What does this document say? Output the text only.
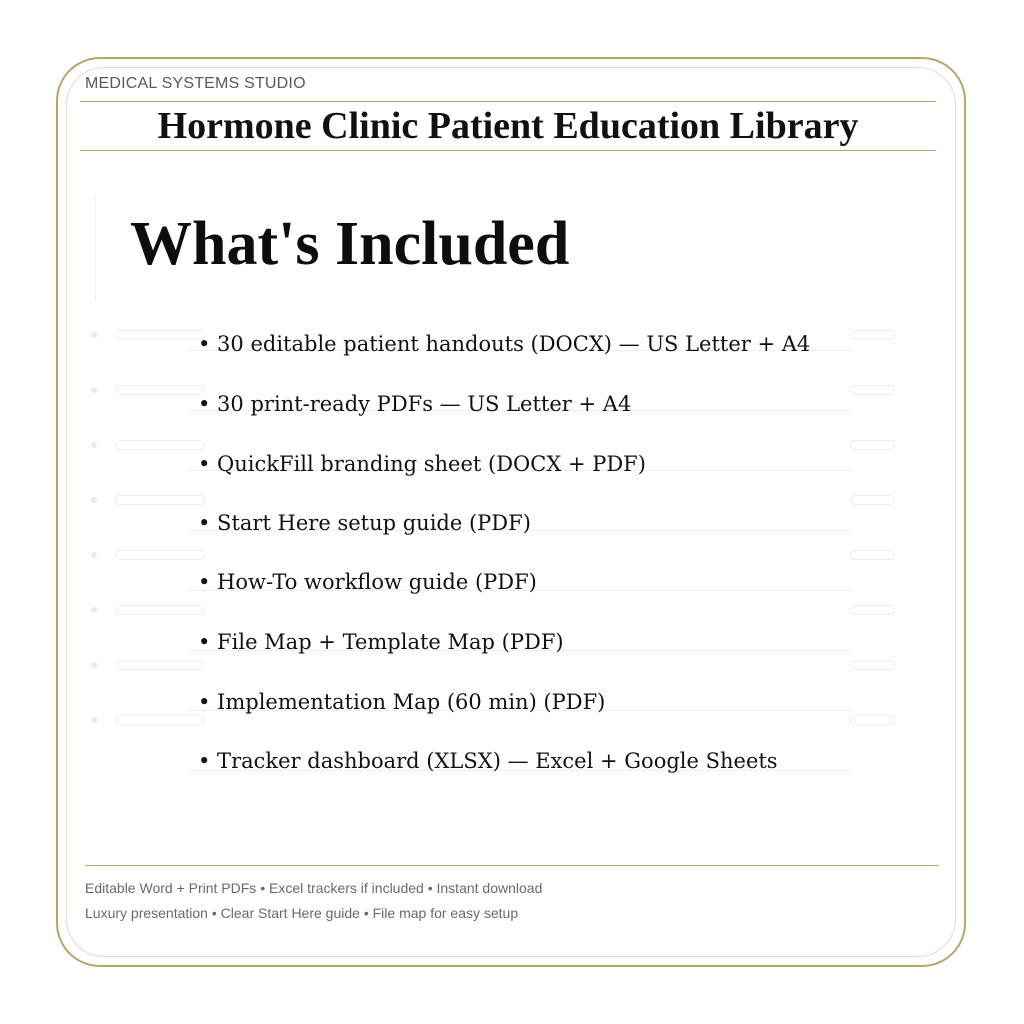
MEDICAL SYSTEMS STUDIO
Hormone Clinic Patient Education Library
What's Included
• 30 editable patient handouts (DOCX) — US Letter + A4
• 30 print-ready PDFs — US Letter + A4
• QuickFill branding sheet (DOCX + PDF)
• Start Here setup guide (PDF)
• How-To workflow guide (PDF)
• File Map + Template Map (PDF)
• Implementation Map (60 min) (PDF)
• Tracker dashboard (XLSX) — Excel + Google Sheets
Editable Word + Print PDFs • Excel trackers if included • Instant download
Luxury presentation • Clear Start Here guide • File map for easy setup
